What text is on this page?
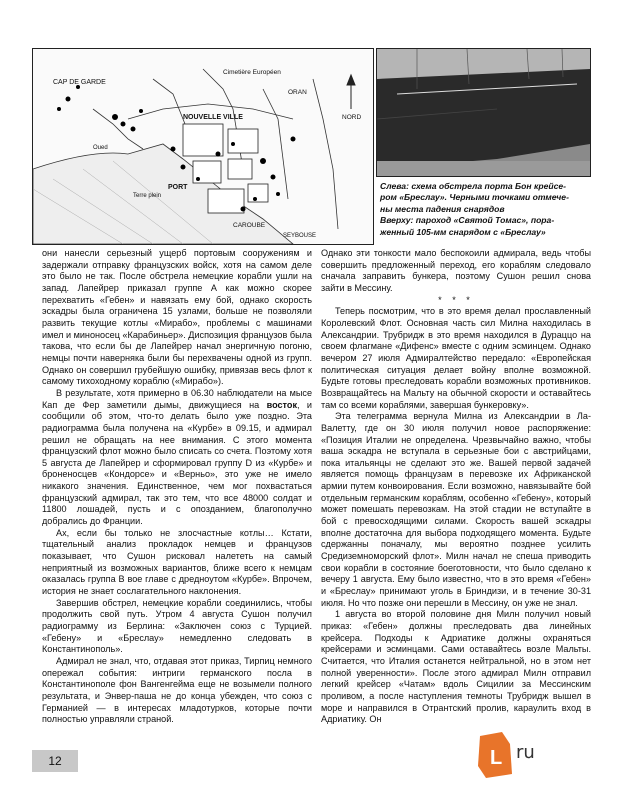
CAP DE GARDE
Cimetière Européen
NOUVELLE VILLE
PORT
ORAN
CAROUBE
Terre plein
SEYBOUSE
Oued
NORD
Слева: схема обстрела порта Бон крейсе-
ром «Бреслау». Черными точками отмече-
ны места падения снарядов
Вверху: пароход «Святой Томас», пора-
женный 105-мм снарядом с «Бреслау»

они нанесли серьезный ущерб портовым сооружениям и задержали отправку французских войск, хотя на самом деле это было не так. После обстрела немецкие корабли ушли на запад. Лапейрер приказал группе А как можно скорее перехватить «Гебен» и навязать ему бой, однако скорость эскадры была ограничена 15 узлами, больше не позволяли развить текущие котлы «Мирабо», проблемы с машинами имел и миноносец «Карабиньер». Диспозиция французов была таковa, что если бы де Лапейрер начал энергичную погоню, немцы почти наверняка были бы перехвачены одной из групп. Однако он совершил грубейшую ошибку, привязав весь флот к самому тихоходному кораблю («Мирабо»).

В результате, хотя примерно в 06.30 наблюдатели на мысе Кап де Фер заметили дымы, движущиеся на восток, и сообщили об этом, что-то делать было уже поздно. Эта радиограмма была получена на «Курбе» в 09.15, и адмирал решил не обращать на нее внимания. С этого момента французский флот можно было списать со счета. Поэтому хотя 5 августа де Лапейрер и сформировал группу D из «Курбе» и броненосцев «Кондорсе» и «Верньо», это уже не имело никакого значения. Единственное, чем мог похвастаться французский адмирал, так это тем, что все 48000 солдат и 11800 лошадей, пусть и с опозданием, благополучно добрались до Франции.

Ах, если бы только не злосчастные котлы… Кстати, тщательный анализ прокладок немцев и французов показывает, что Сушон рисковал налететь на самый неприятный из возможных вариантов, ближе всего к немцам оказалась группа В вое главе с дредноутом «Курбе». Впрочем, история не знает сослагательного наклонения.

Завершив обстрел, немецкие корабли соединились, чтобы продолжить свой путь. Утром 4 августа Сушон получил радиограмму из Берлина: «Заключен союз с Турцией. «Гебену» и «Бреслау» немедленно следовать в Константинополь».

Адмирал не знал, что, отдавая этот приказ, Тирпиц немного опережал события: интриги германского посла в Константинополе фон Вангенгейма еще не возымели полного результата, и Энвер-паша не до конца убежден, что союз с Германией — в интересах младотурков, которые почти полностью управляли страной.

Однако эти тонкости мало беспокоили адмирала, ведь чтобы совершить предложенный переход, его кораблям следовало сначала заправить бункера, поэтому Сушон решил снова зайти в Мессину.

* * *

Теперь посмотрим, что в это время делал прославленный Королевский Флот. Основная часть сил Милна находилась в Александрии. Трубридж в это время находился в Дураццо на своем флагмане «Дифенс» вместе с одним эсминцем. Однако вечером 27 июля Адмиралтейство передало: «Европейская политическая ситуация делает войну вполне возможной. Будьте готовы преследовать корабли возможных противников. Возвращайтесь на Мальту на обычной скорости и оставайтесь там со всеми кораблями, завершая бункеровку».

Эта телеграмма вернула Милна из Александрии в Ла-Валетту, где он 30 июля получил новое распоряжение: «Позиция Италии не определена. Чрезвычайно важно, чтобы ваша эскадра не вступала в серьезные бои с австрийцами, пока итальянцы не сделают это же. Вашей первой задачей является помощь французам в перевозке их Африканской армии путем конвоирования. Если возможно, навязывайте бой отдельным германским кораблям, особенно «Гебену», который может помешать перевозкам. На этой стадии не вступайте в бой с превосходящими силами. Скорость вашей эскадры вполне достаточна для выбора подходящего момента. Будьте сдержанны поначалу, мы вероятно позднее усилить Средиземноморский флот». Милн начал не спеша приводить свои корабли в состояние боеготовности, что было сделано к вечеру 1 августа. Ему было известно, что в это время «Гебен» и «Бреслау» принимают уголь в Бриндизи, и в течение 30-31 июля. Но что позже они перешли в Мессину, он уже не знал.

1 августа во второй половине дня Милн получил новый приказ: «Гебен» должны преследовать два линейных крейсера. Подходы к Адриатике должны охраняться крейсерами и эсминцами. Сами оставайтесь возле Мальты. Считается, что Италия останется нейтральной, но в этом нет полной уверенности». После этого адмирал Милн отправил легкий крейсер «Чатам» вдоль Сицилии за Мессинским проливом, а после наступления темноты Трубридж вышел в море и направился в Отрантский пролив, караулить вход в Адриатику. Он

12	L ru
